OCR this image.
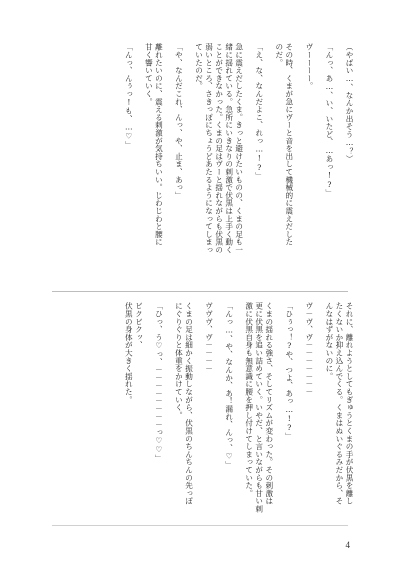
（やばい…、なんか出そう…？）
「んっ、あ…、い、いたど、…あっ!?」
ヴーーーー。
その時、くまが急にヴーと音を出して機械的に震えだした
のだ。
「え、な、なんだよこ、れっ…!?」
急に震えだしたくま。きっと避けたいものの、くまの足も一
緒に揺れている。急所にいきなりの刺激で伏黒は上手く動く
ことができなかった。くまの足はヴーと揺れながらも伏黒の
弱いところ、さきっぽにちょうどあたるようになってしまっ
ていたのだ。
「や、なんだこれ、んっ、や、止ま、あっ」
離れたいのに、震える刺激が気持ちいい。じわじわと腰に
甘く響いていく。
「んっ、んぅっ!も、…♡」
それに、離れようとしてもぎゅうとくまの手が伏黒を離し
たくないか抑え込んでくる。くまはぬいぐるみだから、そ
んなはずがないのに。
ヴ－ヴ、ヴ－－－－－－－
「ひぅっ！?や、つよ、あっ…!?」
くまの揺れる強さ、そしてリズムが変わった。その刺激は
更に伏黒を追い詰めていく。いやだ、と言いながらも甘い刺
激に伏黒自身も無意識に腰を押し付けてしまっていた。
「んっ…、や、なんか、あ！漏れ、んっ、♡」
ヴヴヴ、ヴ－－－－
くまの足は細かく振動しながら、伏黒のちんちんの先っぽ
にぐりぐりと体重をかけていく。
「ひっ、う♡っ、－－－－－－－－っ♡♡」
ビクビクッ、
伏黒の身体が大きく揺れた。
4
